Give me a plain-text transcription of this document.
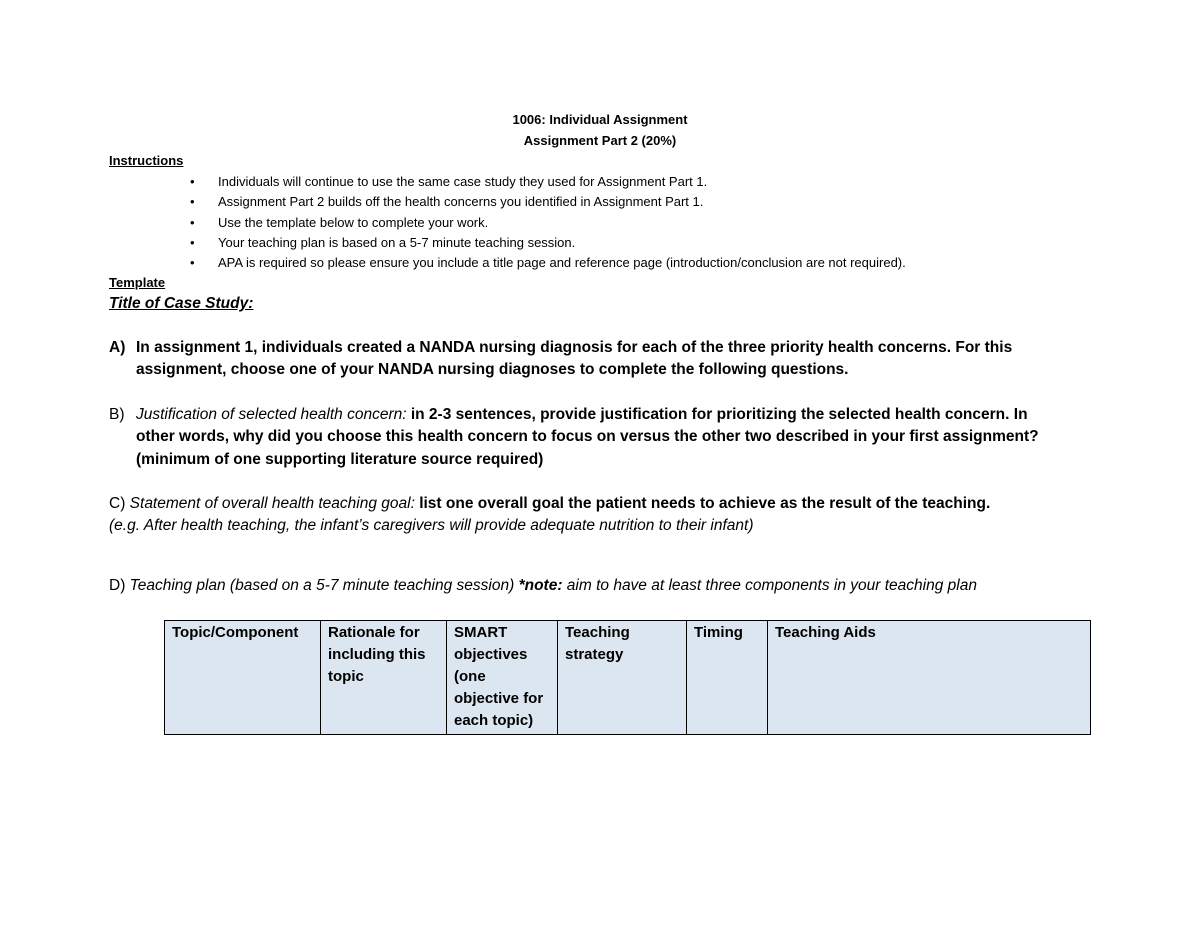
1006: Individual Assignment
Assignment Part 2 (20%)
Instructions
•	Individuals will continue to use the same case study they used for Assignment Part 1.
•	Assignment Part 2 builds off the health concerns you identified in Assignment Part 1.
•	Use the template below to complete your work.
•	Your teaching plan is based on a 5-7 minute teaching session.
•	APA is required so please ensure you include a title page and reference page (introduction/conclusion are not required).
Template
Title of Case Study:
A) In assignment 1, individuals created a NANDA nursing diagnosis for each of the three priority health concerns. For this assignment, choose one of your NANDA nursing diagnoses to complete the following questions.
B) Justification of selected health concern: in 2-3 sentences, provide justification for prioritizing the selected health concern. In other words, why did you choose this health concern to focus on versus the other two described in your first assignment? (minimum of one supporting literature source required)
C) Statement of overall health teaching goal: list one overall goal the patient needs to achieve as the result of the teaching.
(e.g. After health teaching, the infant’s caregivers will provide adequate nutrition to their infant)
D) Teaching plan (based on a 5-7 minute teaching session) *note: aim to have at least three components in your teaching plan
Topic/Component	Rationale for including this topic	SMART objectives (one objective for each topic)	Teaching strategy	Timing	Teaching Aids
